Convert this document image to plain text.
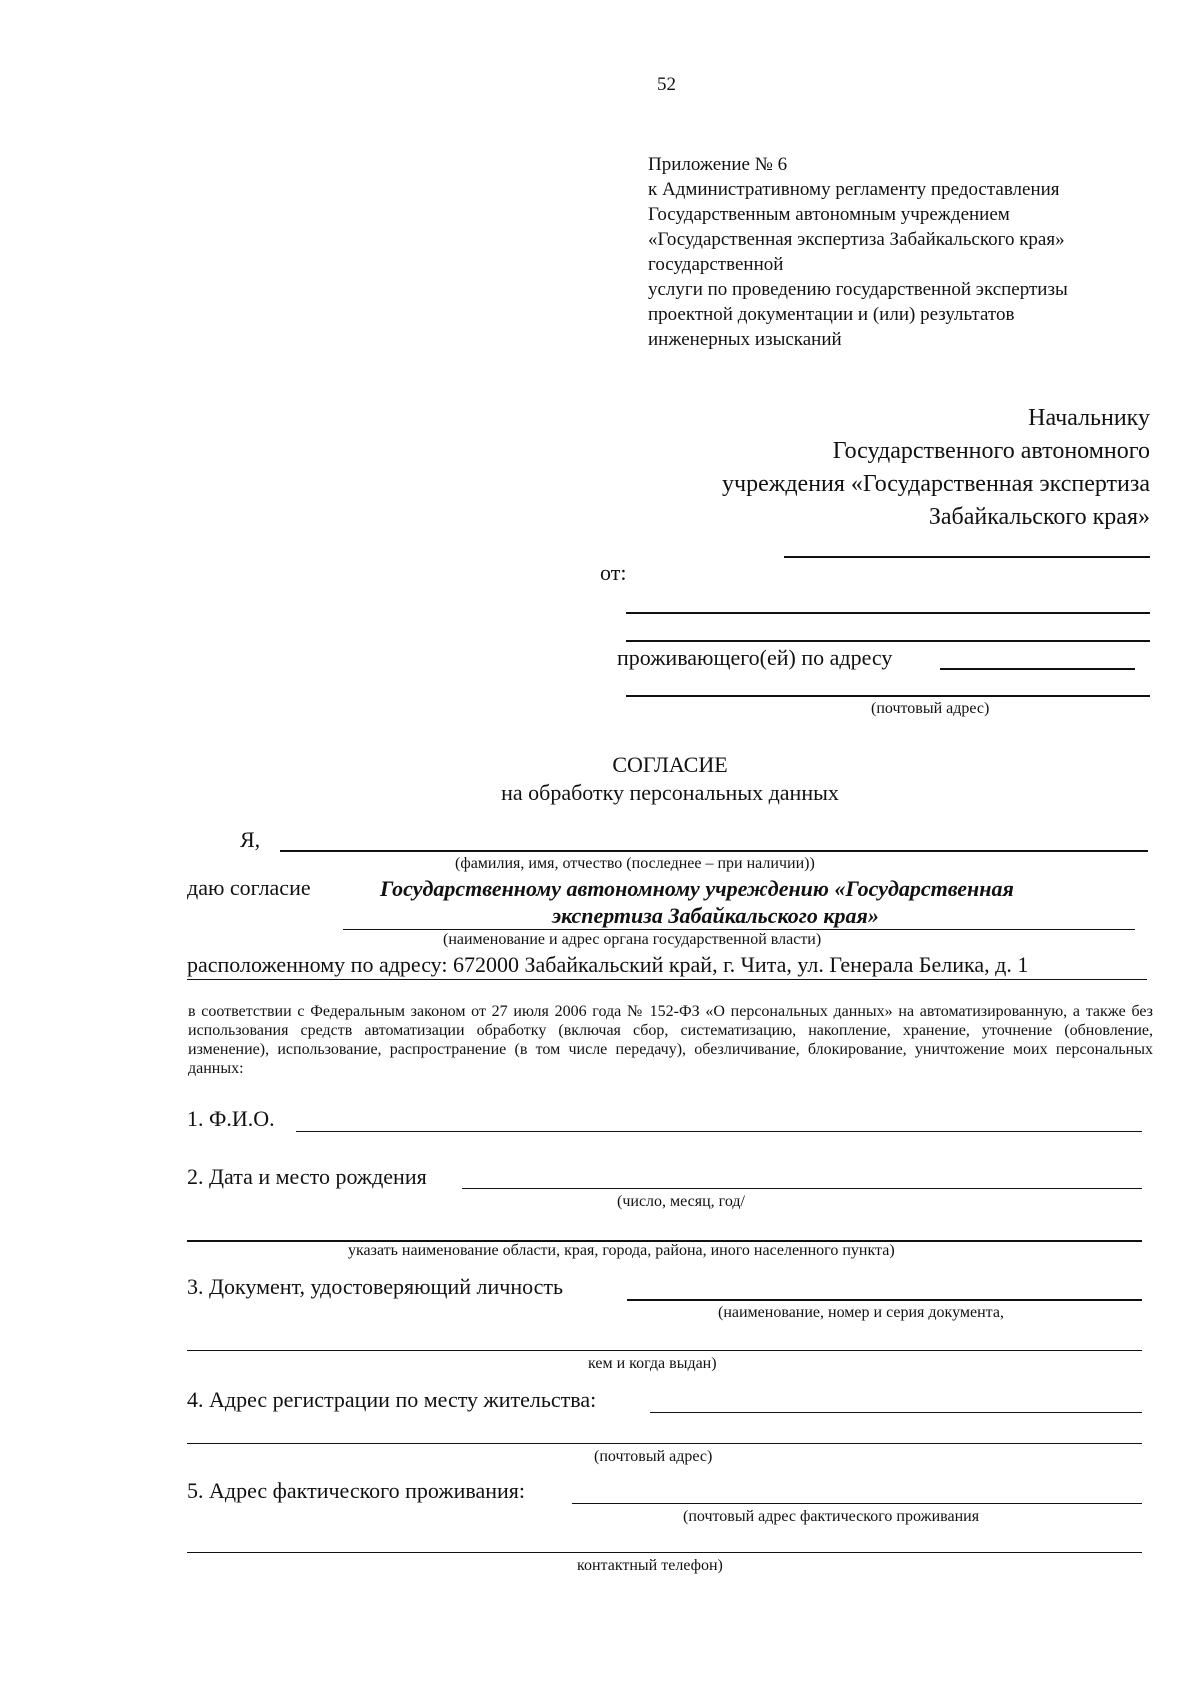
52
Приложение № 6
к Административному регламенту предоставления
Государственным автономным учреждением
«Государственная экспертиза Забайкальского края»
государственной
услуги по проведению государственной экспертизы
проектной документации и (или) результатов
инженерных изысканий
Начальнику
Государственного автономного
учреждения «Государственная экспертиза
Забайкальского края»
от:
проживающего(ей) по адресу
(почтовый адрес)
СОГЛАСИЕ
на обработку персональных данных
Я,
(фамилия, имя, отчество (последнее – при наличии))
даю согласие	Государственному автономному учреждению «Государственная
экспертиза Забайкальского края»
(наименование и адрес органа государственной власти)
расположенному по адресу: 672000 Забайкальский край, г. Чита, ул. Генерала Белика, д. 1
в соответствии с Федеральным законом от 27 июля 2006 года № 152-ФЗ «О персональных данных» на автоматизированную, а также без использования средств автоматизации обработку (включая сбор, систематизацию, накопление, хранение, уточнение (обновление, изменение), использование, распространение (в том числе передачу), обезличивание, блокирование, уничтожение моих персональных данных:
1. Ф.И.О.
2. Дата и место рождения
(число, месяц, год/
указать наименование области, края, города, района, иного населенного пункта)
3. Документ, удостоверяющий личность
(наименование, номер и серия документа,
кем и когда выдан)
4. Адрес регистрации по месту жительства:
(почтовый адрес)
5. Адрес фактического проживания:
(почтовый адрес фактического проживания
контактный телефон)
